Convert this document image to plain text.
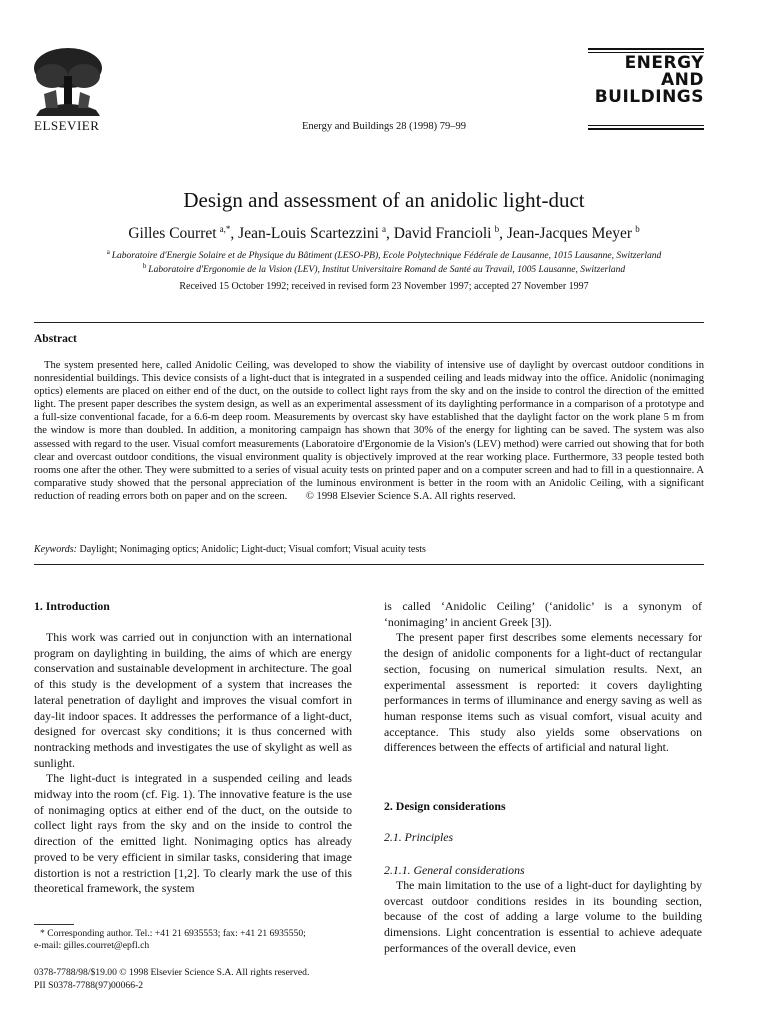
ELSEVIER	Energy and Buildings 28 (1998) 79–99
ENERGY
AND
BUILDINGS
Design and assessment of an anidolic light-duct
Gilles Courret  $^{a,*}$, Jean-Louis Scartezzini  $^a$, David Francioli  $^b$, Jean-Jacques Meyer  $^b$
$^a$  Laboratoire d'Energie Solaire et de Physique du Bâtiment (LESO-PB), Ecole Polytechnique Fédérale de Lausanne, 1015 Lausanne, Switzerland
$^b$  Laboratoire d'Ergonomie de la Vision (LEV), Institut Universitaire Romand de Santé au Travail, 1005 Lausanne, Switzerland
Received 15 October 1992; received in revised form 23 November 1997; accepted 27 November 1997
Abstract
The system presented here, called Anidolic Ceiling, was developed to show the viability of intensive use of daylight by overcast outdoor conditions in nonresidential buildings. This device consists of a light-duct that is integrated in a suspended ceiling and leads midway into the office. Anidolic (nonimaging optics) elements are placed on either end of the duct, on the outside to collect light rays from the sky and on the inside to control the direction of the emitted light. The present paper describes the system design, as well as an experimental assessment of its daylighting performance in a comparison of a prototype and a full-size conventional facade, for a 6.6-m deep room. Measurements by overcast sky have established that the daylight factor on the work plane 5 m from the window is more than doubled. In addition, a monitoring campaign has shown that 30% of the energy for lighting can be saved. The system was also assessed with regard to the user. Visual comfort measurements (Laboratoire d'Ergonomie de la Vision's (LEV) method) were carried out showing that for both clear and overcast outdoor conditions, the visual environment quality is objectively improved at the rear working place. Furthermore, 33 people tested both rooms one after the other. They were submitted to a series of visual acuity tests on printed paper and on a computer screen and had to fill in a questionnaire. A comparative study showed that the personal appreciation of the luminous environment is better in the room with an Anidolic Ceiling, with a significant reduction of reading errors both on paper and on the screen. © 1998 Elsevier Science S.A. All rights reserved.
Keywords: Daylight; Nonimaging optics; Anidolic; Light-duct; Visual comfort; Visual acuity tests
1. Introduction

This work was carried out in conjunction with an international program on daylighting in building, the aims of which are energy conservation and sustainable development in architecture. The goal of this study is the development of a system that increases the lateral penetration of daylight and improves the visual comfort in day-lit indoor spaces. It addresses the performance of a light-duct, designed for overcast sky conditions; it is thus concerned with nontracking methods and investigates the use of skylight as well as sunlight.

The light-duct is integrated in a suspended ceiling and leads midway into the room (cf. Fig. 1). The innovative feature is the use of nonimaging optics at either end of the duct, on the outside to collect light rays from the sky and on the inside to control the direction of the emitted light. Nonimaging optics has already proved to be very efficient in similar tasks, considering that image distortion is not a restriction [1,2]. To clearly mark the use of this theoretical framework, the system

* Corresponding author. Tel.: +41 21 6935553; fax: +41 21 6935550;
e-mail: gilles.courret@epfl.ch
0378-7788/98/$19.00 © 1998 Elsevier Science S.A. All rights reserved.
PII S0378-7788(97)00066-2

is called ‘Anidolic Ceiling’ (‘anidolic’ is a synonym of ‘nonimaging’ in ancient Greek [3]).

The present paper first describes some elements necessary for the design of anidolic components for a light-duct of rectangular section, focusing on numerical simulation results. Next, an experimental assessment is reported: it covers daylighting performances in terms of illuminance and energy saving as well as human response items such as visual comfort, visual acuity and acceptance. This study also yields some observations on differences between the effects of artificial and natural light.

2. Design considerations
2.1. Principles
2.1.1. General considerations

The main limitation to the use of a light-duct for daylighting by overcast outdoor conditions resides in its bounding section, because of the cost of adding a large volume to the building dimensions. Light concentration is essential to achieve adequate performances of the overall device, even
